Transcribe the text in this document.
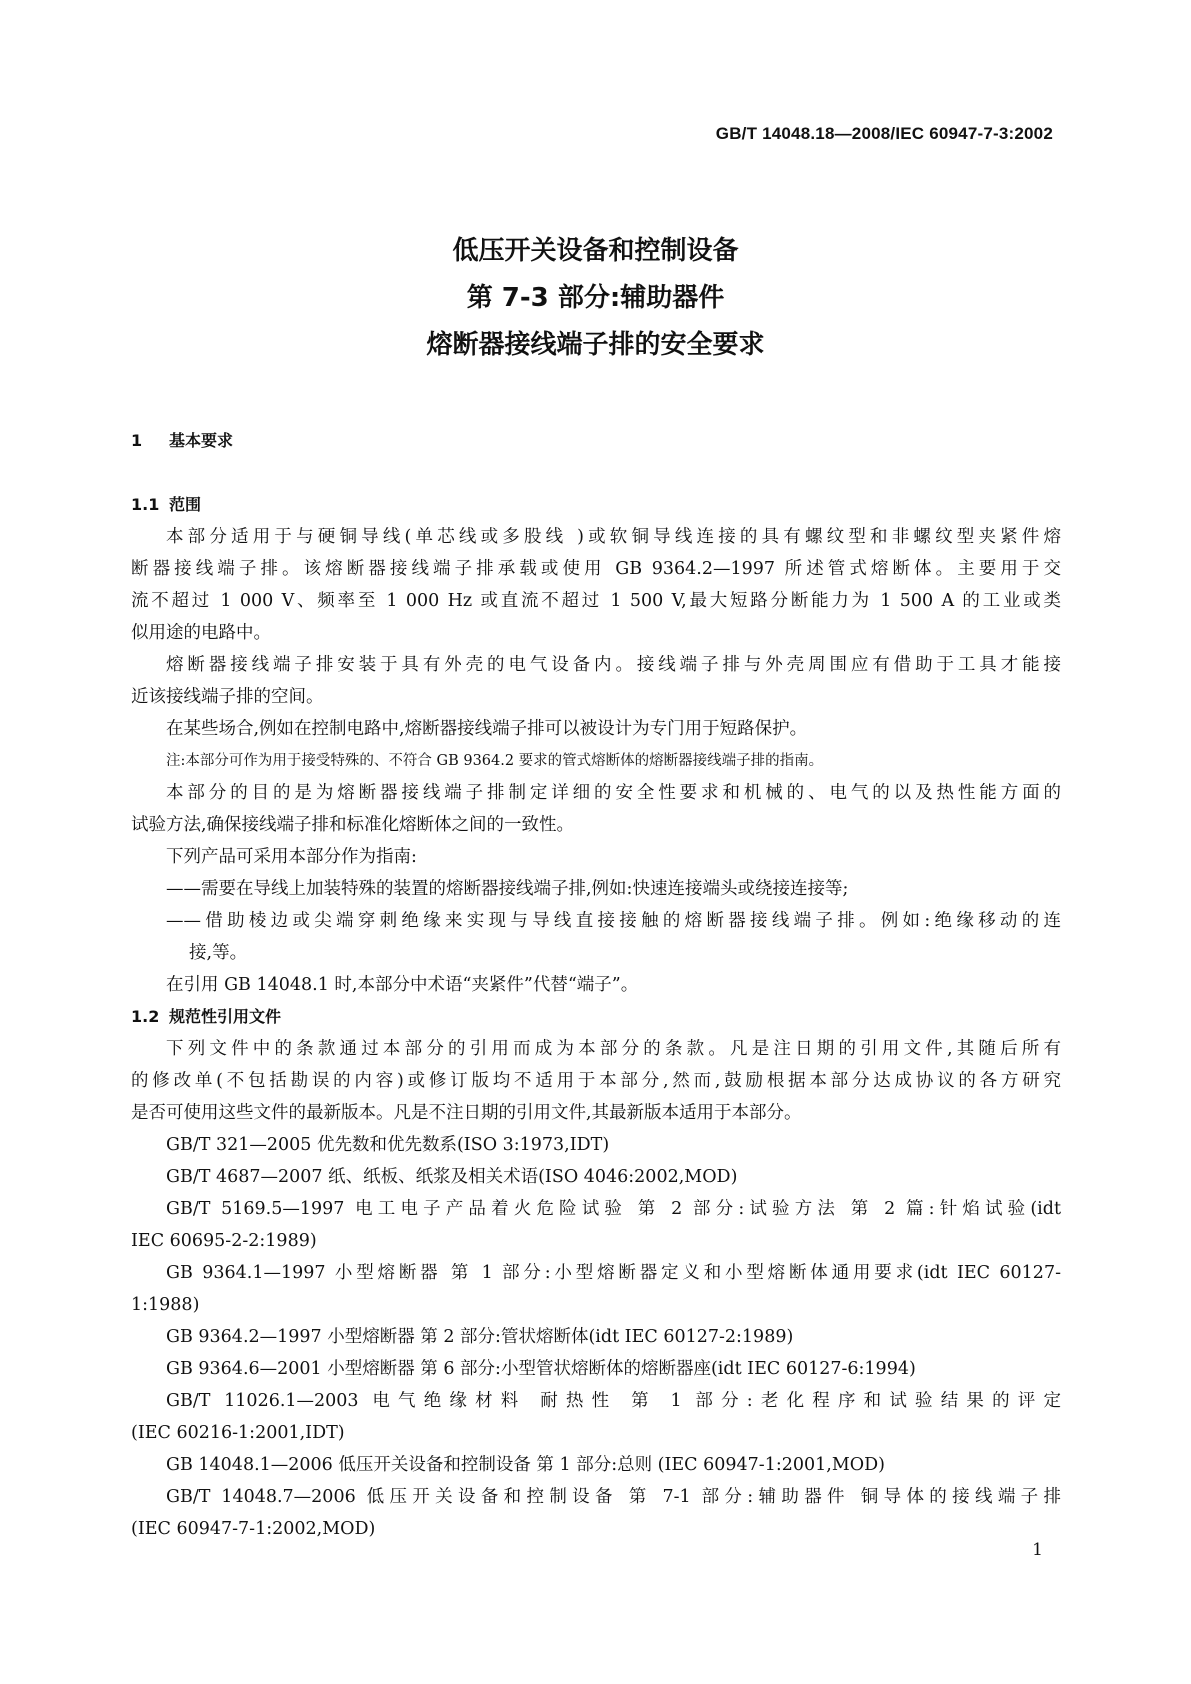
GB/T 14048.18—2008/IEC 60947-7-3:2002
低压开关设备和控制设备
第 7-3 部分:辅助器件
熔断器接线端子排的安全要求
1 基本要求
1.1 范围
本部分适用于与硬铜导线(单芯线或多股线 )或软铜导线连接的具有螺纹型和非螺纹型夹紧件熔
断器接线端子排。该熔断器接线端子排承载或使用 GB 9364.2—1997 所述管式熔断体。主要用于交
流不超过 1 000 V、频率至 1 000 Hz 或直流不超过 1 500 V,最大短路分断能力为 1 500 A 的工业或类
似用途的电路中。
熔断器接线端子排安装于具有外壳的电气设备内。接线端子排与外壳周围应有借助于工具才能接
近该接线端子排的空间。
在某些场合,例如在控制电路中,熔断器接线端子排可以被设计为专门用于短路保护。
注:本部分可作为用于接受特殊的、不符合 GB 9364.2 要求的管式熔断体的熔断器接线端子排的指南。
本部分的目的是为熔断器接线端子排制定详细的安全性要求和机械的、电气的以及热性能方面的
试验方法,确保接线端子排和标准化熔断体之间的一致性。
下列产品可采用本部分作为指南:
——需要在导线上加装特殊的装置的熔断器接线端子排,例如:快速连接端头或绕接连接等;
——借助棱边或尖端穿刺绝缘来实现与导线直接接触的熔断器接线端子排。例如:绝缘移动的连
接,等。
在引用 GB 14048.1 时,本部分中术语“夹紧件”代替“端子”。
1.2 规范性引用文件
下列文件中的条款通过本部分的引用而成为本部分的条款。凡是注日期的引用文件,其随后所有
的修改单(不包括勘误的内容)或修订版均不适用于本部分,然而,鼓励根据本部分达成协议的各方研究
是否可使用这些文件的最新版本。凡是不注日期的引用文件,其最新版本适用于本部分。
GB/T 321—2005 优先数和优先数系(ISO 3:1973,IDT)
GB/T 4687—2007 纸、纸板、纸浆及相关术语(ISO 4046:2002,MOD)
GB/T 5169.5—1997 电工电子产品着火危险试验 第 2 部分:试验方法 第 2 篇:针焰试验(idt
IEC 60695-2-2:1989)
GB 9364.1—1997 小型熔断器 第 1 部分:小型熔断器定义和小型熔断体通用要求(idt IEC 60127-
1:1988)
GB 9364.2—1997 小型熔断器 第 2 部分:管状熔断体(idt IEC 60127-2:1989)
GB 9364.6—2001 小型熔断器 第 6 部分:小型管状熔断体的熔断器座(idt IEC 60127-6:1994)
GB/T 11026.1—2003 电气绝缘材料 耐热性 第 1 部分:老化程序和试验结果的评定
(IEC 60216-1:2001,IDT)
GB 14048.1—2006 低压开关设备和控制设备 第 1 部分:总则 (IEC 60947-1:2001,MOD)
GB/T 14048.7—2006 低压开关设备和控制设备 第 7-1 部分:辅助器件 铜导体的接线端子排
(IEC 60947-7-1:2002,MOD)
1
